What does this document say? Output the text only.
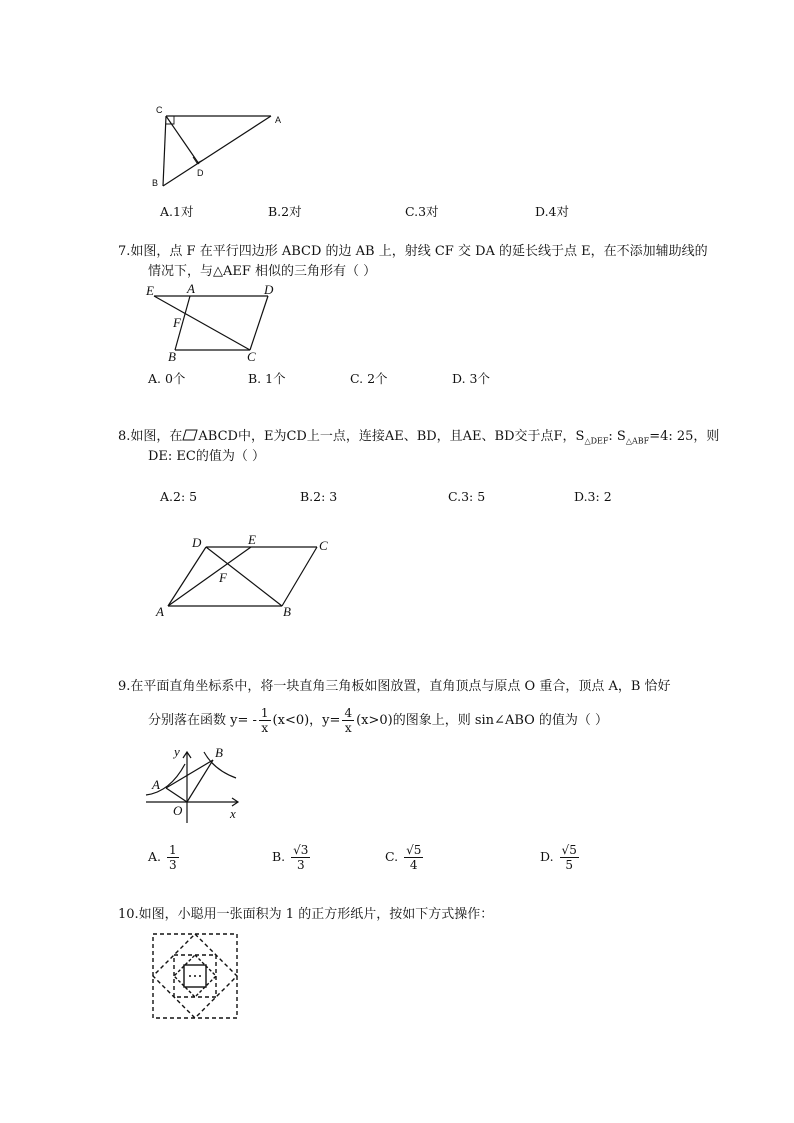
C
A
B
D
A.1对	B.2对	C.3对	D.4对
7.如图，点 F 在平行四边形 ABCD 的边 AB 上，射线 CF 交 DA 的延长线于点 E，在不添加辅助线的
情况下，与△AEF 相似的三角形有（ ）
E	A	D
F
B	C
A. 0个	B. 1个	C. 2个	D. 3个
8.如图，在 ABCD中，E为CD上一点，连接AE、BD，且AE、BD交于点F，$S_{\triangle DEF}$: $S_{\triangle ABF}=4$: 25，则
DE: EC的值为（ ）
A.2: 5	B.2: 3	C.3: 5	D.3: 2
D	E	C
F
A	B
9.在平面直角坐标系中，将一块直角三角板如图放置，直角顶点与原点 O 重合，顶点 A，B 恰好
分别落在函数 $y= - \frac{1}{x} (x<0)$，$y= \frac{4}{x} (x>0)$的图象上，则 sin∠ABO 的值为（ ）
y	B
A
O	x
A. $\frac{1}{3}$	B. $\frac{√3}{3}$	C. $\frac{√5}{4}$	D. $\frac{√5}{5}$
10.如图，小聪用一张面积为 1 的正方形纸片，按如下方式操作：
